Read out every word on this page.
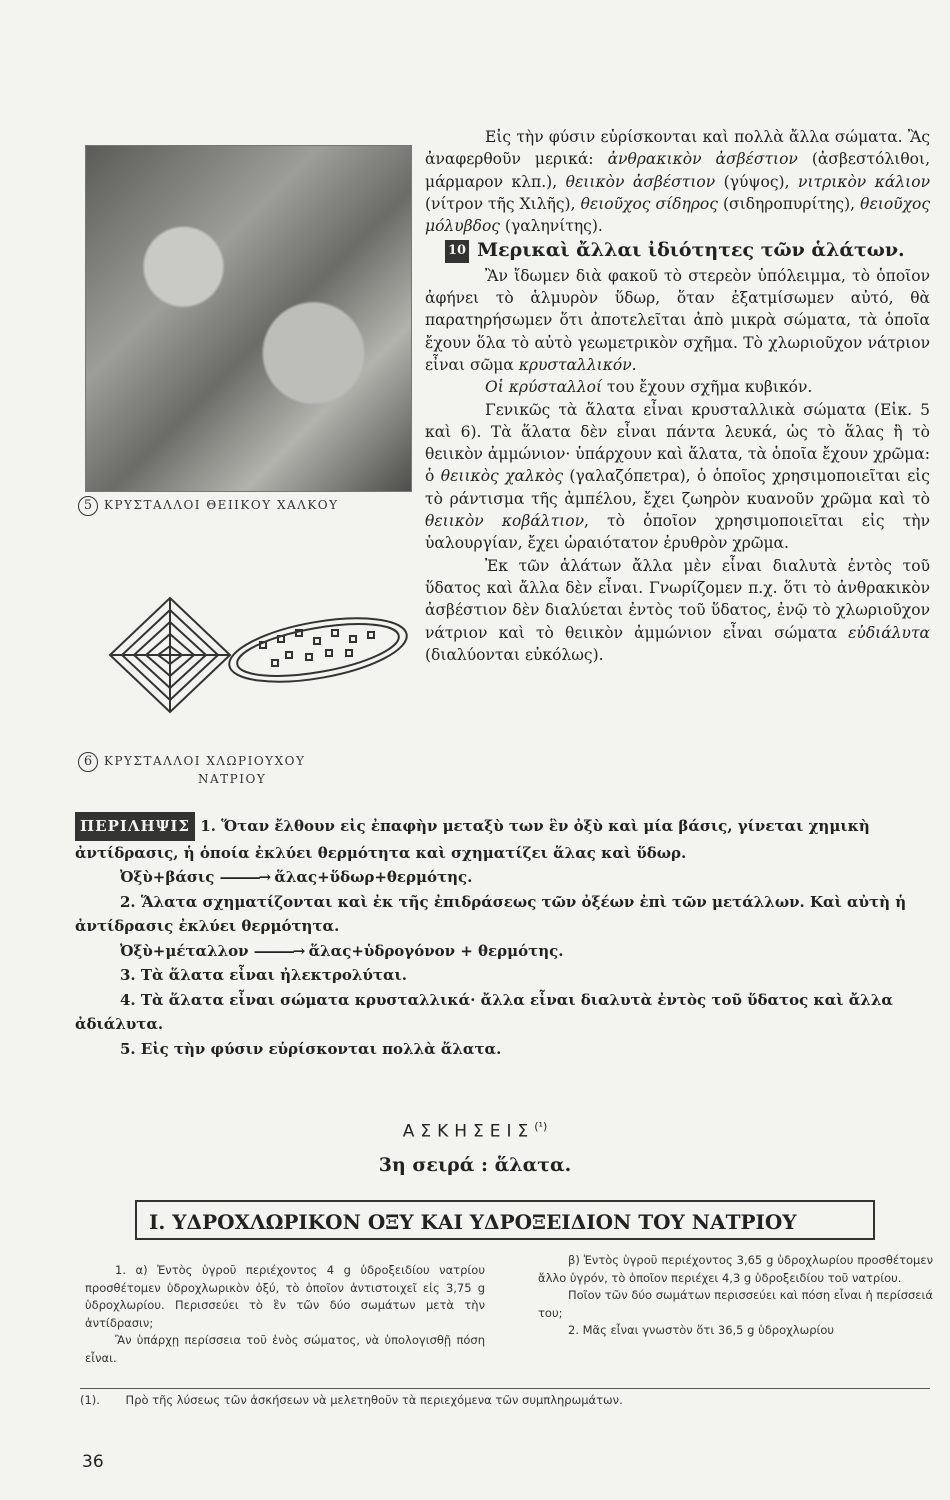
5 ΚΡΥΣΤΑΛΛΟΙ ΘΕΙΙΚΟΥ ΧΑΛΚΟΥ
6 ΚΡΥΣΤΑΛΛΟΙ ΧΛΩΡΙΟΥΧΟΥ
ΝΑΤΡΙΟΥ

Εἰς τὴν φύσιν εὑρίσκονται καὶ πολλὰ ἄλλα σώματα. Ἂς ἀναφερθοῦν μερικά: ἀνθρακικὸν ἀσβέστιον (ἀσβεστόλιθοι, μάρμαρον κλπ.), θειικὸν ἀσβέστιον (γύψος), νιτρικὸν κάλιον (νίτρον τῆς Χιλῆς), θειοῦχος σίδηρος (σιδηροπυρίτης), θειοῦχος μόλυβδος (γαληνίτης).

10 Μερικαὶ ἄλλαι ἰδιότητες τῶν ἁλάτων.

Ἂν ἴδωμεν διὰ φακοῦ τὸ στερεὸν ὑπόλειμμα, τὸ ὁποῖον ἀφήνει τὸ ἁλμυρὸν ὕδωρ, ὅταν ἐξατμίσωμεν αὐτό, θὰ παρατηρήσωμεν ὅτι ἀποτελεῖται ἀπὸ μικρὰ σώματα, τὰ ὁποῖα ἔχουν ὅλα τὸ αὐτὸ γεωμετρικὸν σχῆμα. Τὸ χλωριοῦχον νάτριον εἶναι σῶμα κρυσταλλικόν.

Οἱ κρύσταλλοί του ἔχουν σχῆμα κυβικόν.

Γενικῶς τὰ ἅλατα εἶναι κρυσταλλικὰ σώματα (Εἰκ. 5 καὶ 6). Τὰ ἅλατα δὲν εἶναι πάντα λευκά, ὡς τὸ ἅλας ἢ τὸ θειικὸν ἀμμώνιον· ὑπάρχουν καὶ ἅλατα, τὰ ὁποῖα ἔχουν χρῶμα: ὁ θειικὸς χαλκὸς (γαλαζόπετρα), ὁ ὁποῖος χρησιμοποιεῖται εἰς τὸ ράντισμα τῆς ἀμπέλου, ἔχει ζωηρὸν κυανοῦν χρῶμα καὶ τὸ θειικὸν κοβάλτιον, τὸ ὁποῖον χρησιμοποιεῖται εἰς τὴν ὑαλουργίαν, ἔχει ὡραιότατον ἐρυθρὸν χρῶμα.

Ἐκ τῶν ἁλάτων ἄλλα μὲν εἶναι διαλυτὰ ἐντὸς τοῦ ὕδατος καὶ ἄλλα δὲν εἶναι. Γνωρίζομεν π.χ. ὅτι τὸ ἀνθρακικὸν ἀσβέστιον δὲν διαλύεται ἐντὸς τοῦ ὕδατος, ἐνῷ τὸ χλωριοῦχον νάτριον καὶ τὸ θειικὸν ἀμμώνιον εἶναι σώματα εὐδιάλυτα (διαλύονται εὐκόλως).

ΠΕΡΙΛΗΨΙΣ 1. Ὅταν ἔλθουν εἰς ἐπαφὴν μεταξὺ των ἓν ὀξὺ καὶ μία βάσις, γίνεται χημικὴ ἀντίδρασις, ἡ ὁποία ἐκλύει θερμότητα καὶ σχηματίζει ἅλας καὶ ὕδωρ.

Ὀξὺ+βάσις ———→ ἅλας+ὕδωρ+θερμότης.

2. Ἅλατα σχηματίζονται καὶ ἐκ τῆς ἐπιδράσεως τῶν ὀξέων ἐπὶ τῶν μετάλλων. Καὶ αὐτὴ ἡ ἀντίδρασις ἐκλύει θερμότητα.

Ὀξὺ+μέταλλον ———→ ἅλας+ὑδρογόνον + θερμότης.

3. Τὰ ἅλατα εἶναι ἠλεκτρολύται.

4. Τὰ ἅλατα εἶναι σώματα κρυσταλλικά· ἄλλα εἶναι διαλυτὰ ἐντὸς τοῦ ὕδατος καὶ ἄλλα ἀδιάλυτα.

5. Εἰς τὴν φύσιν εὑρίσκονται πολλὰ ἅλατα.

$A\Sigma KH\Sigma EI\Sigma^{(^1)}$
3η σειρά : ἅλατα.
Ι. ΥΔΡΟΧΛΩΡΙΚΟΝ ΟΞΥ ΚΑΙ ΥΔΡΟΞΕΙΔΙΟΝ ΤΟΥ ΝΑΤΡΙΟΥ

1. α) Ἐντὸς ὑγροῦ περιέχοντος 4 g ὑδροξειδίου νατρίου προσθέτομεν ὑδροχλωρικὸν ὀξύ, τὸ ὁποῖον ἀντιστοιχεῖ εἰς 3,75 g ὑδροχλωρίου. Περισσεύει τὸ ἓν τῶν δύο σωμάτων μετὰ τὴν ἀντίδρασιν;

Ἂν ὑπάρχῃ περίσσεια τοῦ ἑνὸς σώματος, νὰ ὑπολογισθῇ πόση εἶναι.

β) Ἐντὸς ὑγροῦ περιέχοντος 3,65 g ὑδροχλωρίου προσθέτομεν ἄλλο ὑγρόν, τὸ ὁποῖον περιέχει 4,3 g ὑδροξειδίου τοῦ νατρίου.

Ποῖον τῶν δύο σωμάτων περισσεύει καὶ πόση εἶναι ἡ περίσσειά του;

2. Μᾶς εἶναι γνωστὸν ὅτι 36,5 g ὑδροχλωρίου

(1). Πρὸ τῆς λύσεως τῶν ἀσκήσεων νὰ μελετηθοῦν τὰ περιεχόμενα τῶν συμπληρωμάτων.
36
